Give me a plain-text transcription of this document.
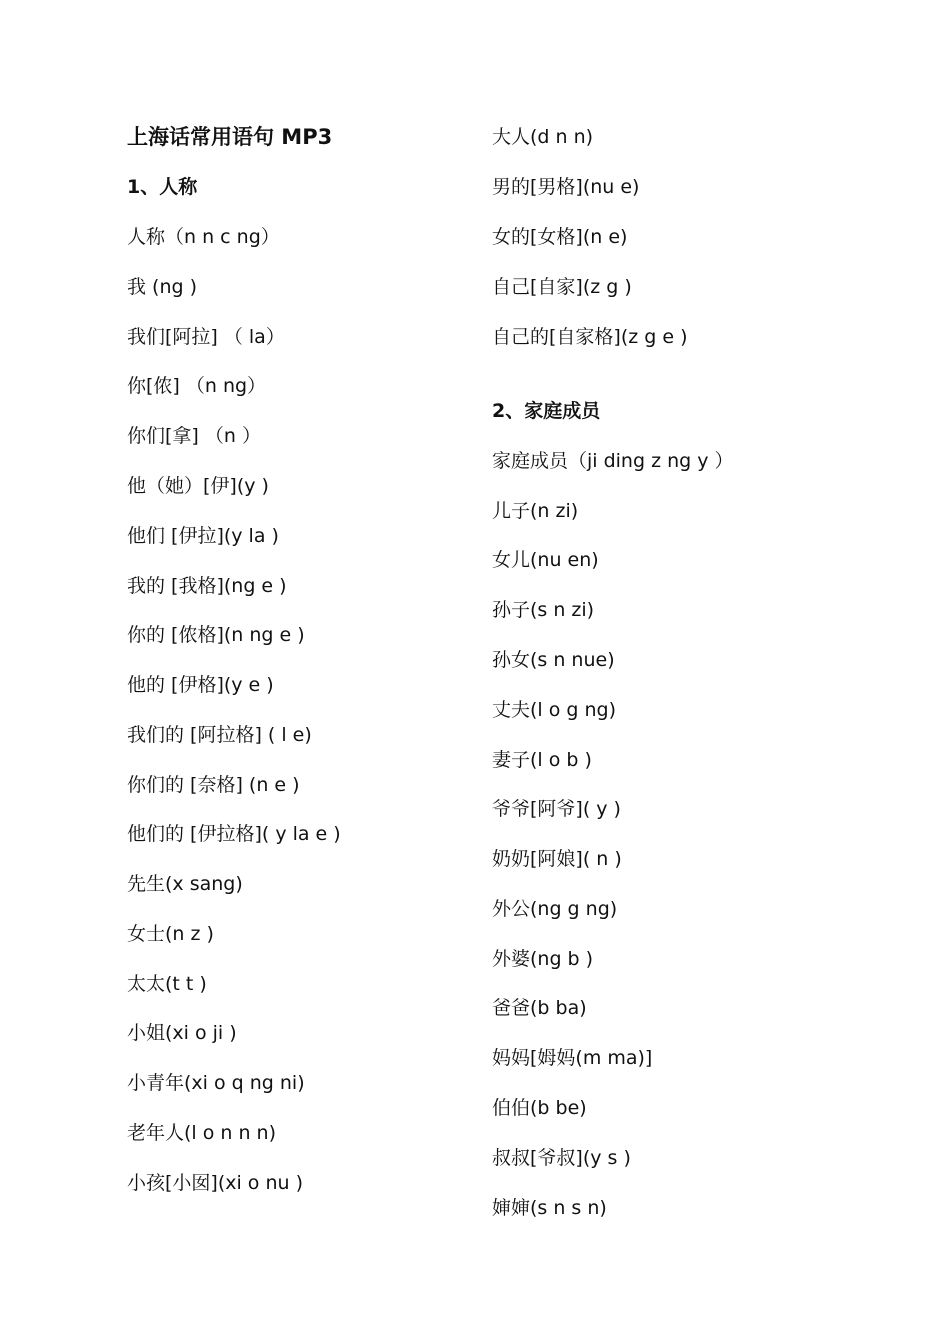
上海话常用语句 MP3
1、人称
人称（n n c ng）
我 (ng )
我们[阿拉] （ la）
你[侬] （n ng）
你们[拿] （n ）
他（她）[伊](y )
他们 [伊拉](y la )
我的 [我格](ng e )
你的 [侬格](n ng e )
他的 [伊格](y e )
我们的 [阿拉格] ( l e)
你们的 [奈格] (n e )
他们的 [伊拉格]( y la e )
先生(x sang)
女士(n z )
太太(t t )
小姐(xi o ji )
小青年(xi o q ng ni)
老年人(l o n n n)
小孩[小囡](xi o nu )
大人(d n n)
男的[男格](nu e)
女的[女格](n e)
自己[自家](z g )
自己的[自家格](z g e )
2、家庭成员
家庭成员（ji ding z ng y ）
儿子(n zi)
女儿(nu en)
孙子(s n zi)
孙女(s n nue)
丈夫(l o g ng)
妻子(l o b )
爷爷[阿爷]( y )
奶奶[阿娘]( n )
外公(ng g ng)
外婆(ng b )
爸爸(b ba)
妈妈[姆妈(m ma)]
伯伯(b be)
叔叔[爷叔](y s )
婶婶(s n s n)
